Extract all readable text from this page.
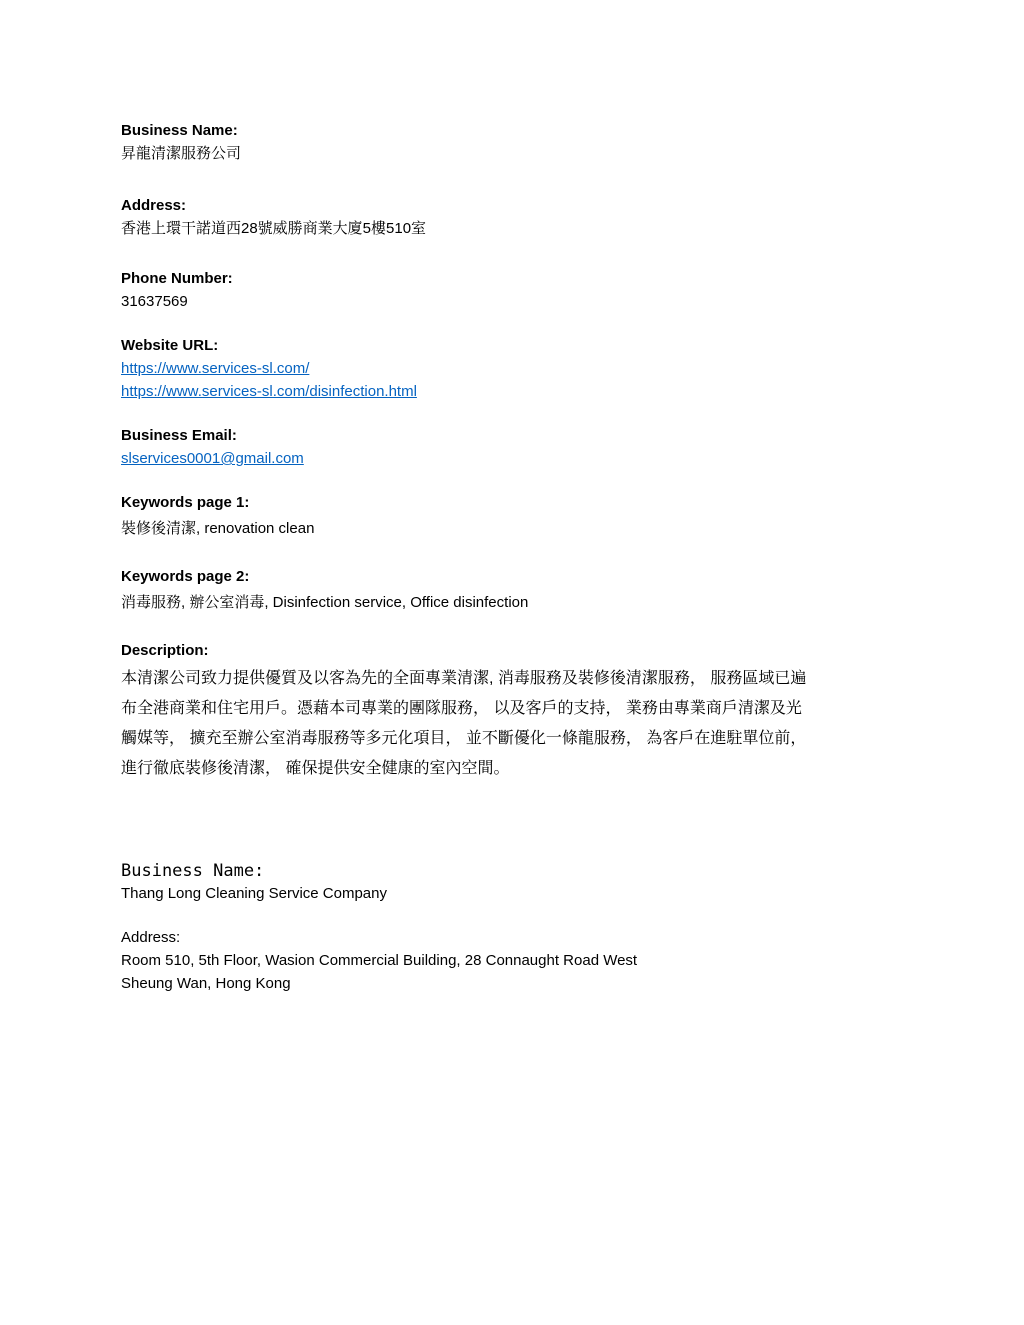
Business Name:
昇龍清潔服務公司
Address:
香港上環干諾道西28號威勝商業大廈5樓510室
Phone Number:
31637569
Website URL:
https://www.services-sl.com/
https://www.services-sl.com/disinfection.html
Business Email:
slservices0001@gmail.com
Keywords page 1:
裝修後清潔, renovation clean
Keywords page 2:
消毒服務, 辦公室消毒, Disinfection service, Office disinfection
Description:
本清潔公司致力提供優質及以客為先的全面專業清潔, 消毒服務及裝修後清潔服務， 服務區域已遍
布全港商業和住宅用戶。憑藉本司專業的團隊服務， 以及客戶的支持， 業務由專業商戶清潔及光
觸媒等， 擴充至辦公室消毒服務等多元化項目， 並不斷優化一條龍服務， 為客戶在進駐單位前，
進行徹底裝修後清潔， 確保提供安全健康的室內空間。
Business Name:
Thang Long Cleaning Service Company
Address:
Room 510, 5th Floor, Wasion Commercial Building, 28 Connaught Road West
Sheung Wan, Hong Kong
